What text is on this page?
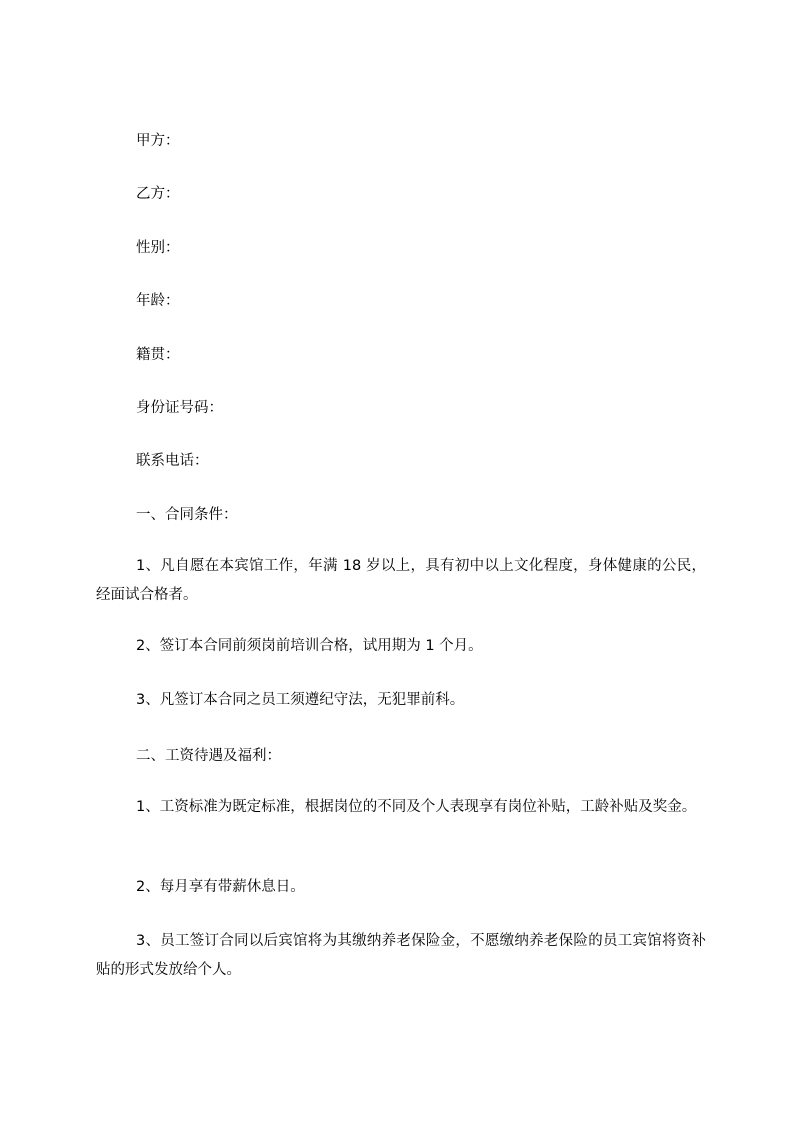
甲方：
乙方：
性别：
年龄：
籍贯：
身份证号码：
联系电话：
一、合同条件：
1、凡自愿在本宾馆工作，年满 18 岁以上，具有初中以上文化程度，身体健康的公民，经面试合格者。
2、签订本合同前须岗前培训合格，试用期为 1 个月。
3、凡签订本合同之员工须遵纪守法，无犯罪前科。
二、工资待遇及福利：
1、工资标准为既定标准，根据岗位的不同及个人表现享有岗位补贴，工龄补贴及奖金。
2、每月享有带薪休息日。
3、员工签订合同以后宾馆将为其缴纳养老保险金，不愿缴纳养老保险的员工宾馆将资补贴的形式发放给个人。
